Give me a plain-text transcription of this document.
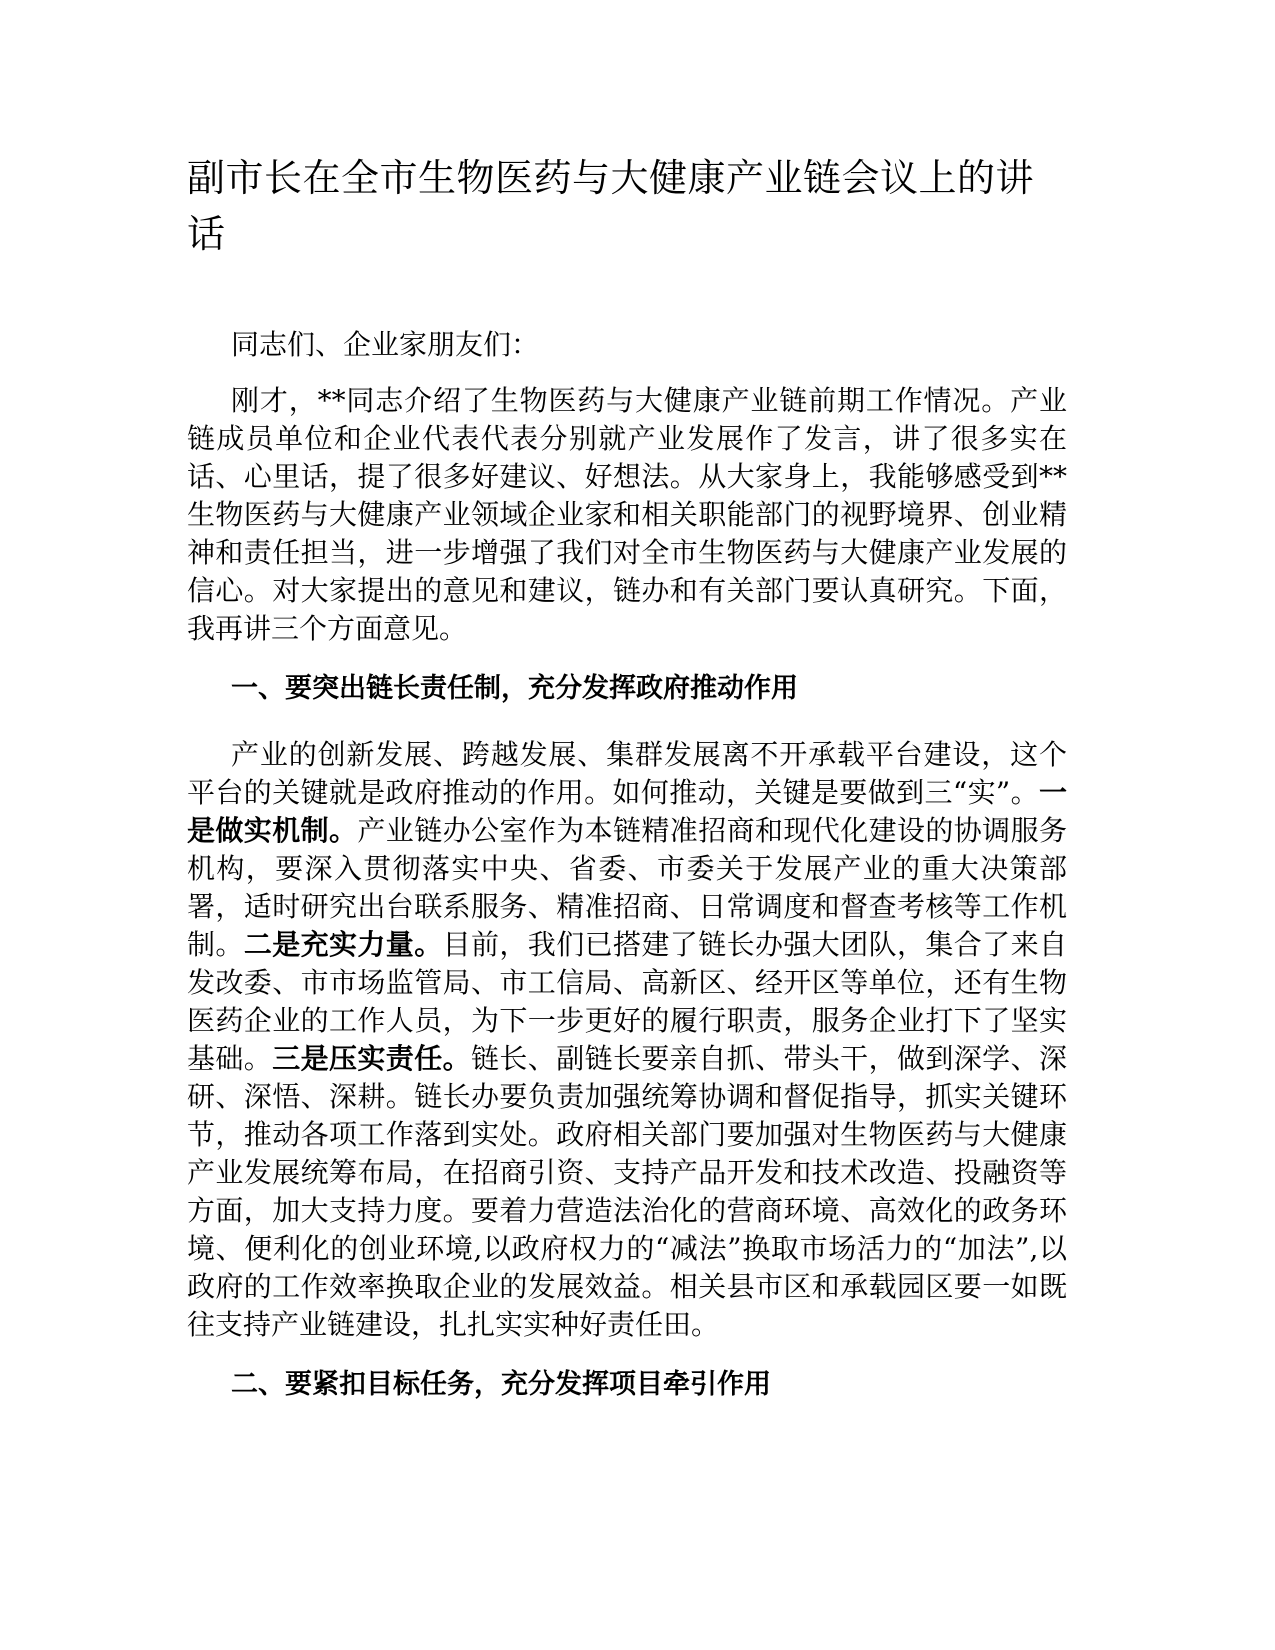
副市长在全市生物医药与大健康产业链会议上的讲话

同志们、企业家朋友们：

刚才，**同志介绍了生物医药与大健康产业链前期工作情况。产业链成员单位和企业代表代表分别就产业发展作了发言，讲了很多实在话、心里话，提了很多好建议、好想法。从大家身上，我能够感受到**生物医药与大健康产业领域企业家和相关职能部门的视野境界、创业精神和责任担当，进一步增强了我们对全市生物医药与大健康产业发展的信心。对大家提出的意见和建议，链办和有关部门要认真研究。下面，我再讲三个方面意见。

一、要突出链长责任制，充分发挥政府推动作用

产业的创新发展、跨越发展、集群发展离不开承载平台建设，这个平台的关键就是政府推动的作用。如何推动，关键是要做到三“实”。一是做实机制。产业链办公室作为本链精准招商和现代化建设的协调服务机构，要深入贯彻落实中央、省委、市委关于发展产业的重大决策部署，适时研究出台联系服务、精准招商、日常调度和督查考核等工作机制。二是充实力量。目前，我们已搭建了链长办强大团队，集合了来自发改委、市市场监管局、市工信局、高新区、经开区等单位，还有生物医药企业的工作人员，为下一步更好的履行职责，服务企业打下了坚实基础。三是压实责任。链长、副链长要亲自抓、带头干，做到深学、深研、深悟、深耕。链长办要负责加强统筹协调和督促指导，抓实关键环节，推动各项工作落到实处。政府相关部门要加强对生物医药与大健康产业发展统筹布局，在招商引资、支持产品开发和技术改造、投融资等方面，加大支持力度。要着力营造法治化的营商环境、高效化的政务环境、便利化的创业环境,以政府权力的“减法”换取市场活力的“加法”,以政府的工作效率换取企业的发展效益。相关县市区和承载园区要一如既往支持产业链建设，扎扎实实种好责任田。

二、要紧扣目标任务，充分发挥项目牵引作用
